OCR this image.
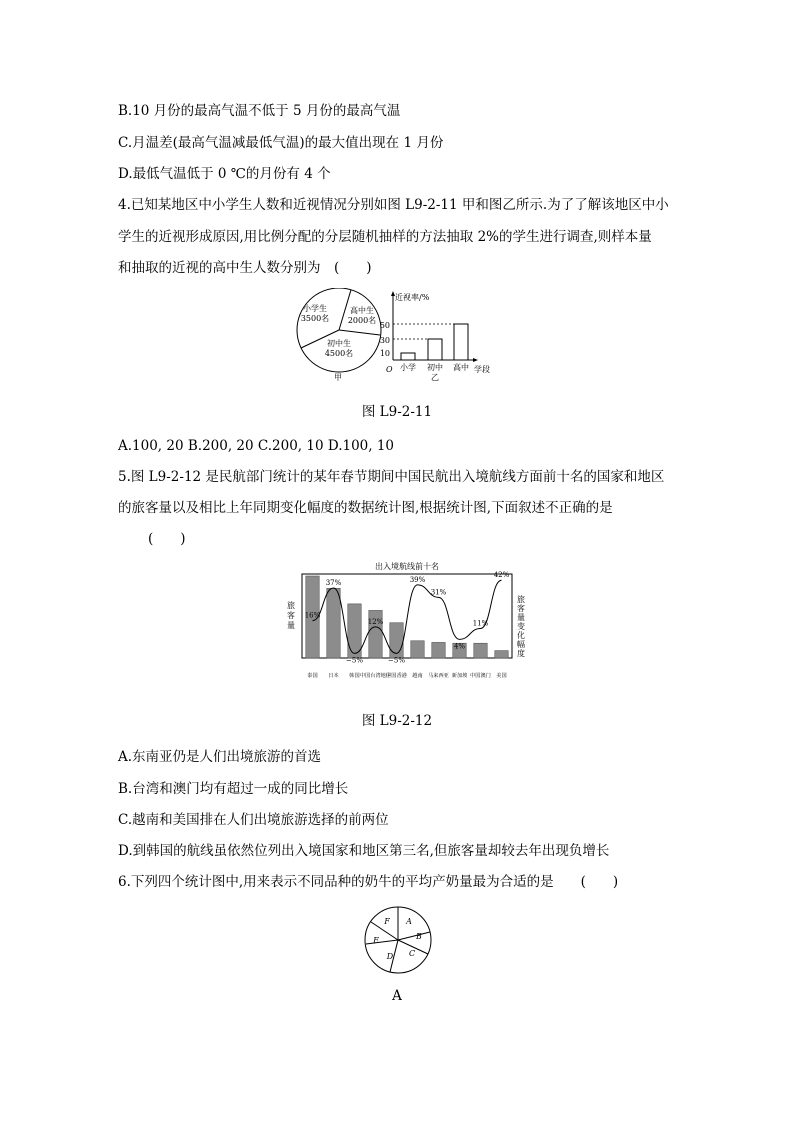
B.10 月份的最高气温不低于 5 月份的最高气温
C.月温差(最高气温减最低气温)的最大值出现在 1 月份
D.最低气温低于 0 ℃的月份有 4 个
4.已知某地区中小学生人数和近视情况分别如图 L9-2-11 甲和图乙所示.为了了解该地区中小
学生的近视形成原因,用比例分配的分层随机抽样的方法抽取 2%的学生进行调查,则样本量
和抽取的近视的高中生人数分别为　(　　)
小学生
3500名
高中生
2000名
初中生
4500名
甲
近视率/%
学段
O
10
30
50
小学 初中 高中
乙
图 L9-2-11
A.100, 20 B.200, 20 C.200, 10 D.100, 10
5.图 L9-2-12 是民航部门统计的某年春节期间中国民航出入境航线方面前十名的国家和地区
的旅客量以及相比上年同期变化幅度的数据统计图,根据统计图,下面叙述不正确的是
(　　)
出入境航线前十名
旅客量
旅客量变化幅度
16%
37%
−5%
12%
−5%
39%
31%
4%
11%
42%
泰国 日本 韩国 中国台湾地区
中国香港 越南 马来西亚 新加坡 中国澳门 美国
图 L9-2-12
A.东南亚仍是人们出境旅游的首选
B.台湾和澳门均有超过一成的同比增长
C.越南和美国排在人们出境旅游选择的前两位
D.到韩国的航线虽依然位列出入境国家和地区第三名,但旅客量却较去年出现负增长
6.下列四个统计图中,用来表示不同品种的奶牛的平均产奶量最为合适的是　　(　　)
A
B
C
D
E
F
A
